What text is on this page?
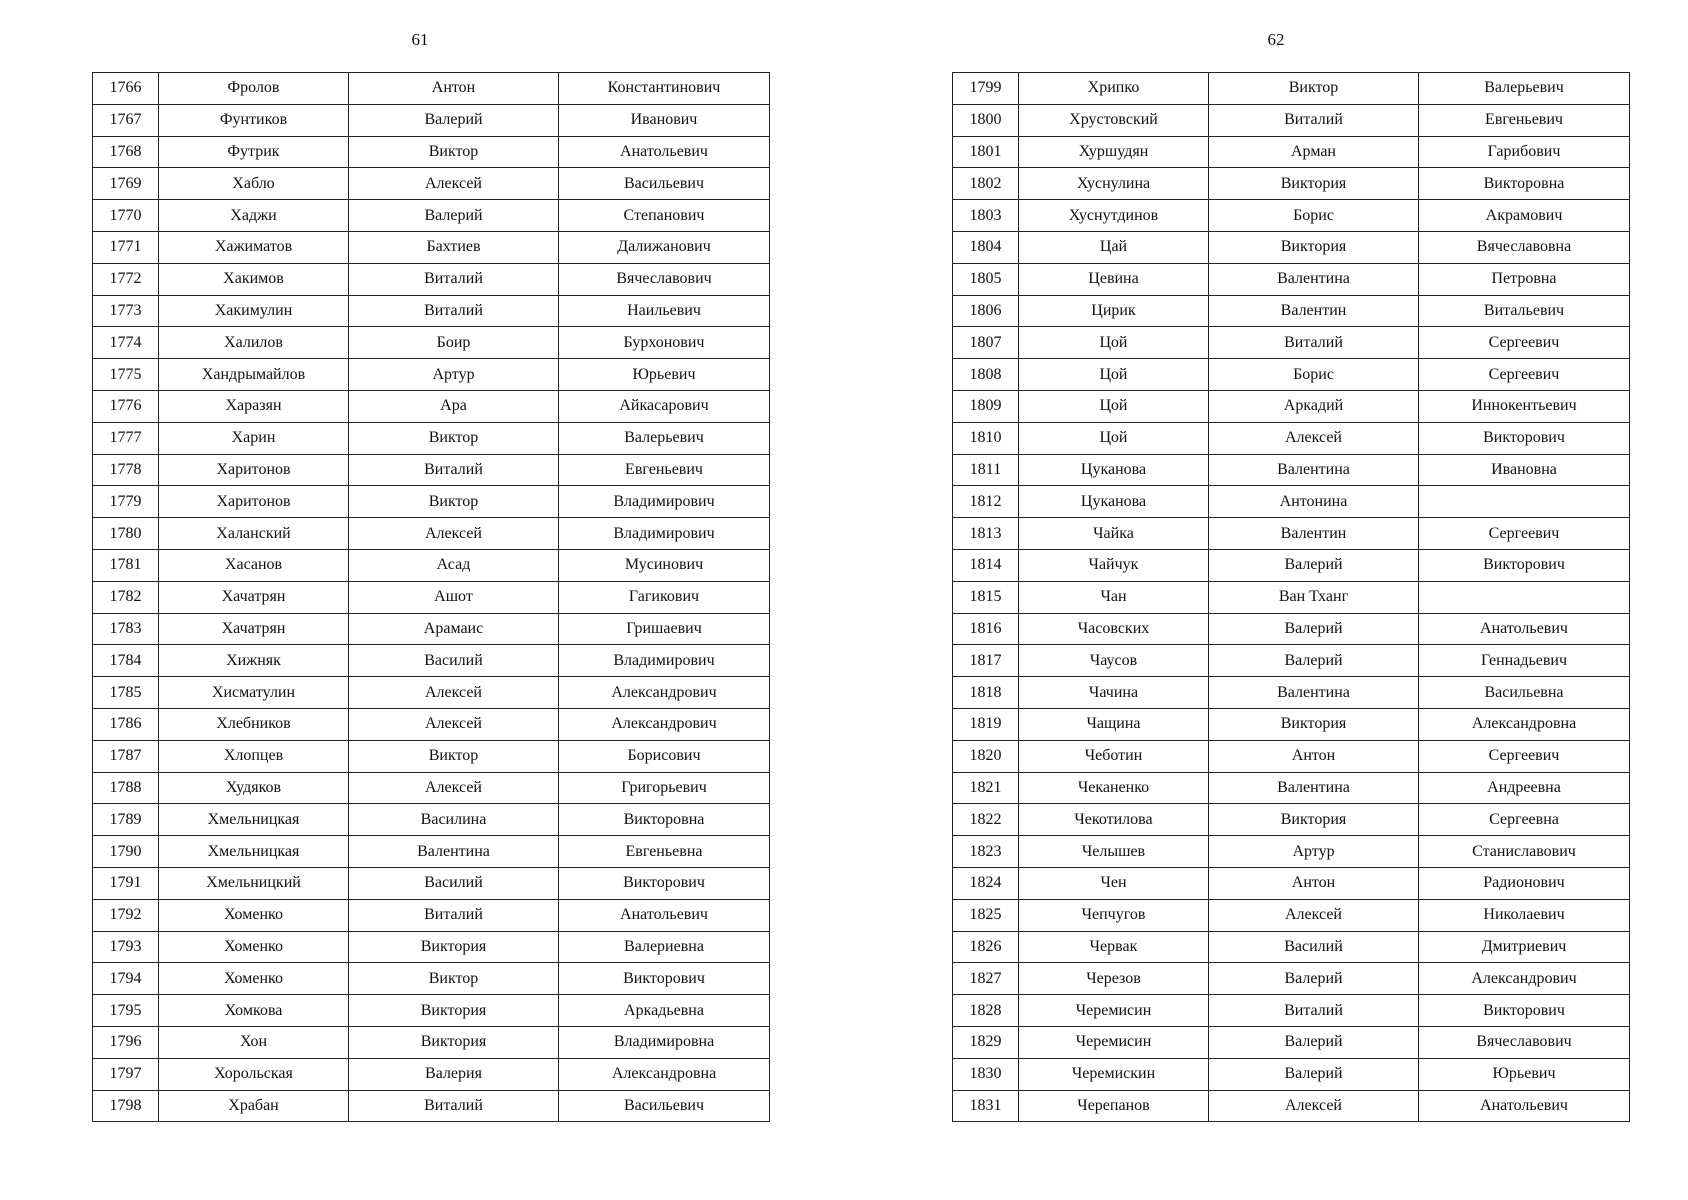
61
1766	Фролов	Антон	Константинович
1767	Фунтиков	Валерий	Иванович
1768	Футрик	Виктор	Анатольевич
1769	Хабло	Алексей	Васильевич
1770	Хаджи	Валерий	Степанович
1771	Хажиматов	Бахтиев	Далижанович
1772	Хакимов	Виталий	Вячеславович
1773	Хакимулин	Виталий	Наильевич
1774	Халилов	Боир	Бурхонович
1775	Хандрымайлов	Артур	Юрьевич
1776	Харазян	Ара	Айкасарович
1777	Харин	Виктор	Валерьевич
1778	Харитонов	Виталий	Евгеньевич
1779	Харитонов	Виктор	Владимирович
1780	Халанский	Алексей	Владимирович
1781	Хасанов	Асад	Мусинович
1782	Хачатрян	Ашот	Гагикович
1783	Хачатрян	Арамаис	Гришаевич
1784	Хижняк	Василий	Владимирович
1785	Хисматулин	Алексей	Александрович
1786	Хлебников	Алексей	Александрович
1787	Хлопцев	Виктор	Борисович
1788	Худяков	Алексей	Григорьевич
1789	Хмельницкая	Василина	Викторовна
1790	Хмельницкая	Валентина	Евгеньевна
1791	Хмельницкий	Василий	Викторович
1792	Хоменко	Виталий	Анатольевич
1793	Хоменко	Виктория	Валериевна
1794	Хоменко	Виктор	Викторович
1795	Хомкова	Виктория	Аркадьевна
1796	Хон	Виктория	Владимировна
1797	Хорольская	Валерия	Александровна
1798	Храбан	Виталий	Васильевич
62
1799	Хрипко	Виктор	Валерьевич
1800	Хрустовский	Виталий	Евгеньевич
1801	Хуршудян	Арман	Гарибович
1802	Хуснулина	Виктория	Викторовна
1803	Хуснутдинов	Борис	Акрамович
1804	Цай	Виктория	Вячеславовна
1805	Цевина	Валентина	Петровна
1806	Цирик	Валентин	Витальевич
1807	Цой	Виталий	Сергеевич
1808	Цой	Борис	Сергеевич
1809	Цой	Аркадий	Иннокентьевич
1810	Цой	Алексей	Викторович
1811	Цуканова	Валентина	Ивановна
1812	Цуканова	Антонина	
1813	Чайка	Валентин	Сергеевич
1814	Чайчук	Валерий	Викторович
1815	Чан	Ван Тханг	
1816	Часовских	Валерий	Анатольевич
1817	Чаусов	Валерий	Геннадьевич
1818	Чачина	Валентина	Васильевна
1819	Чащина	Виктория	Александровна
1820	Чеботин	Антон	Сергеевич
1821	Чеканенко	Валентина	Андреевна
1822	Чекотилова	Виктория	Сергеевна
1823	Челышев	Артур	Станиславович
1824	Чен	Антон	Радионович
1825	Чепчугов	Алексей	Николаевич
1826	Червак	Василий	Дмитриевич
1827	Черезов	Валерий	Александрович
1828	Черемисин	Виталий	Викторович
1829	Черемисин	Валерий	Вячеславович
1830	Черемискин	Валерий	Юрьевич
1831	Черепанов	Алексей	Анатольевич
